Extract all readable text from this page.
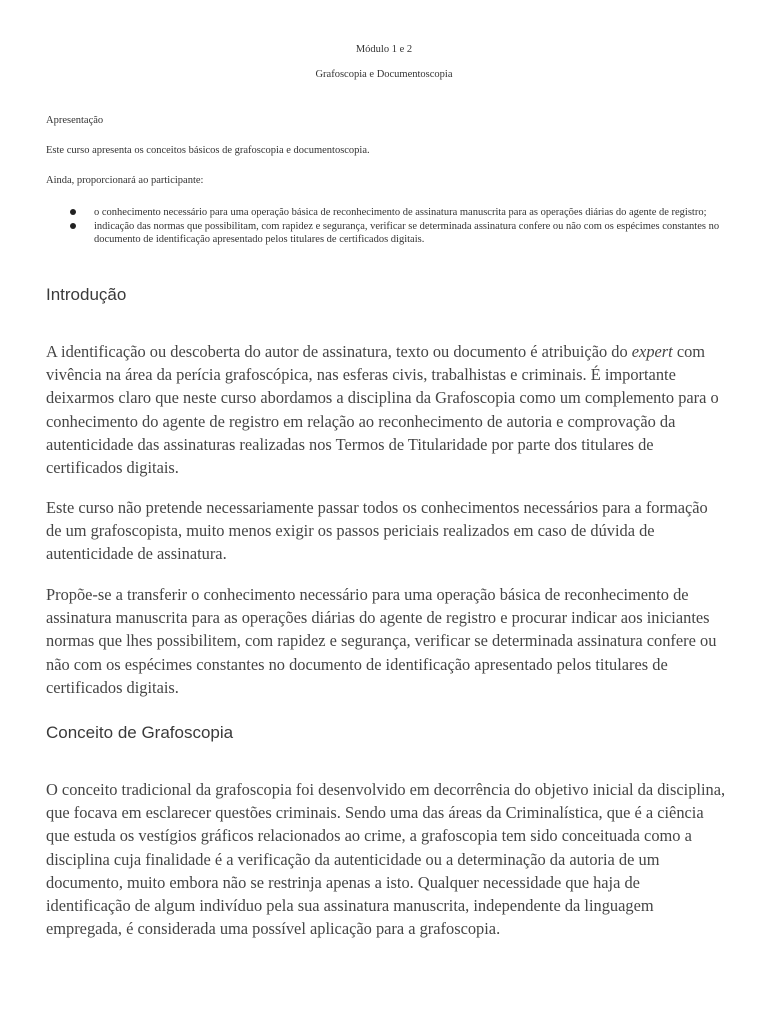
Módulo 1 e 2
Grafoscopia e Documentoscopia
Apresentação
Este curso apresenta os conceitos básicos de grafoscopia e documentoscopia.
Ainda, proporcionará ao participante:
o conhecimento necessário para uma operação básica de reconhecimento de assinatura manuscrita para as operações diárias do agente de registro;
indicação das normas que possibilitam, com rapidez e segurança, verificar se determinada assinatura confere ou não com os espécimes constantes no documento de identificação apresentado pelos titulares de certificados digitais.
Introdução

A identificação ou descoberta do autor de assinatura, texto ou documento é atribuição do expert com vivência na área da perícia grafoscópica, nas esferas civis, trabalhistas e criminais. É importante deixarmos claro que neste curso abordamos a disciplina da Grafoscopia como um complemento para o conhecimento do agente de registro em relação ao reconhecimento de autoria e comprovação da autenticidade das assinaturas realizadas nos Termos de Titularidade por parte dos titulares de certificados digitais.

Este curso não pretende necessariamente passar todos os conhecimentos necessários para a formação de um grafoscopista, muito menos exigir os passos periciais realizados em caso de dúvida de autenticidade de assinatura.

Propõe-se a transferir o conhecimento necessário para uma operação básica de reconhecimento de assinatura manuscrita para as operações diárias do agente de registro e procurar indicar aos iniciantes normas que lhes possibilitem, com rapidez e segurança, verificar se determinada assinatura confere ou não com os espécimes constantes no documento de identificação apresentado pelos titulares de certificados digitais.

Conceito de Grafoscopia

O conceito tradicional da grafoscopia foi desenvolvido em decorrência do objetivo inicial da disciplina, que focava em esclarecer questões criminais. Sendo uma das áreas da Criminalística, que é a ciência que estuda os vestígios gráficos relacionados ao crime, a grafoscopia tem sido conceituada como a disciplina cuja finalidade é a verificação da autenticidade ou a determinação da autoria de um documento, muito embora não se restrinja apenas a isto. Qualquer necessidade que haja de identificação de algum indivíduo pela sua assinatura manuscrita, independente da linguagem empregada, é considerada uma possível aplicação para a grafoscopia.
